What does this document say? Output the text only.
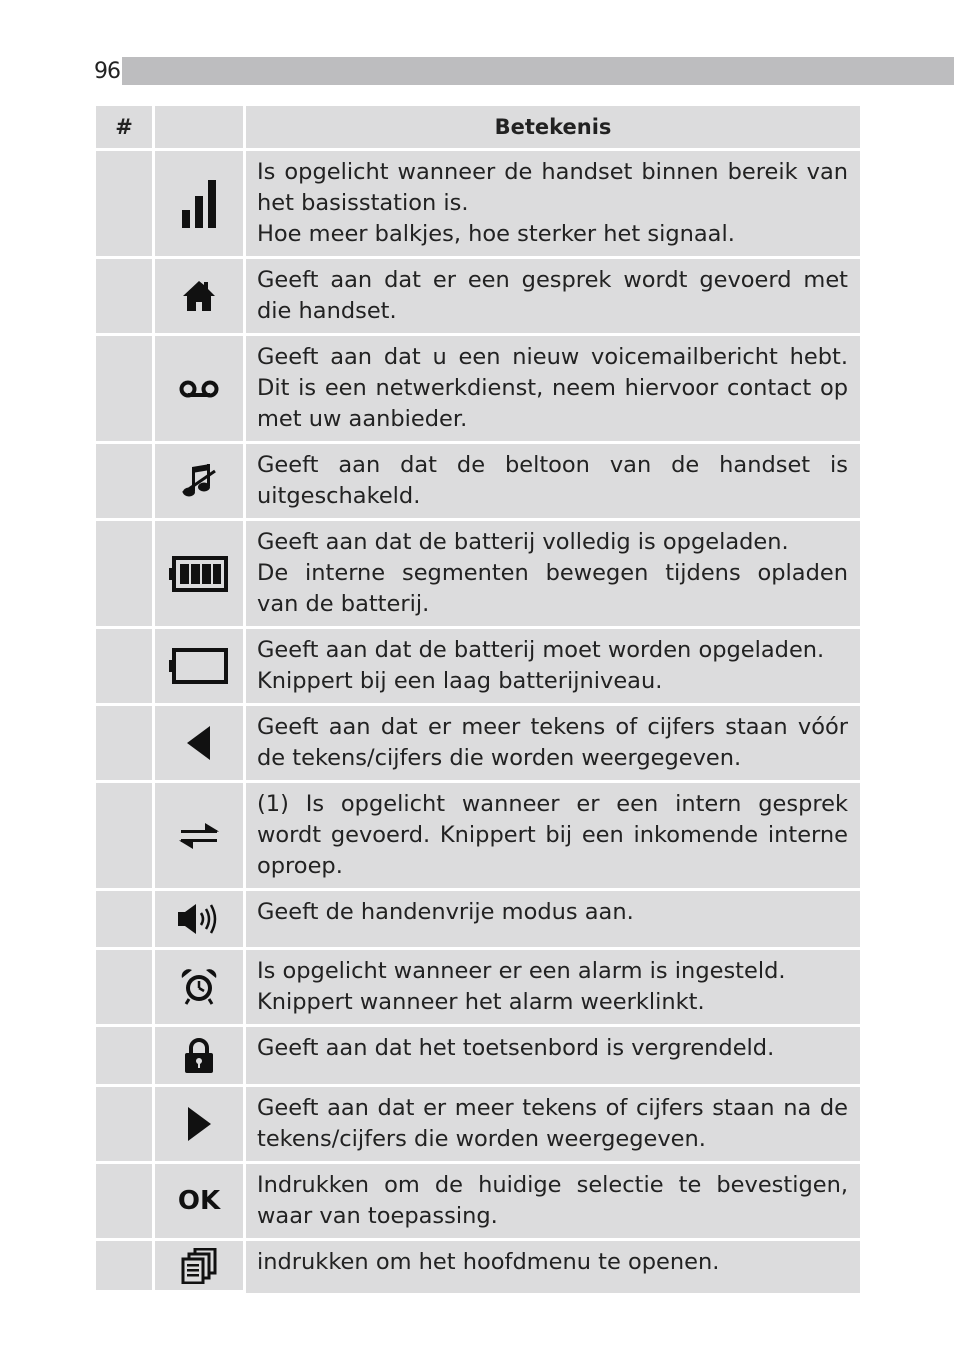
96
#		Betekenis

Is opgelicht wanneer de handset binnen bereik van het basisstation is.
Hoe meer balkjes, hoe sterker het signaal.

Geeft aan dat er een gesprek wordt gevoerd met die handset.

Geeft aan dat u een nieuw voicemailbericht hebt. Dit is een netwerkdienst, neem hiervoor contact op met uw aanbieder.

Geeft aan dat de beltoon van de handset is uitgeschakeld.

Geeft aan dat de batterij volledig is opgeladen.
De interne segmenten bewegen tijdens opladen van de batterij.

Geeft aan dat de batterij moet worden opgeladen.
Knippert bij een laag batterijniveau.

Geeft aan dat er meer tekens of cijfers staan vóór de tekens/cijfers die worden weergegeven.

(1) Is opgelicht wanneer er een intern gesprek wordt gevoerd. Knippert bij een inkomende interne oproep.

Geeft de handenvrije modus aan.

Is opgelicht wanneer er een alarm is ingesteld.
Knippert wanneer het alarm weerklinkt.

Geeft aan dat het toetsenbord is vergrendeld.

Geeft aan dat er meer tekens of cijfers staan na de tekens/cijfers die worden weergegeven.

	OK	Indrukken om de huidige selectie te bevestigen, waar van toepassing.

indrukken om het hoofdmenu te openen.
